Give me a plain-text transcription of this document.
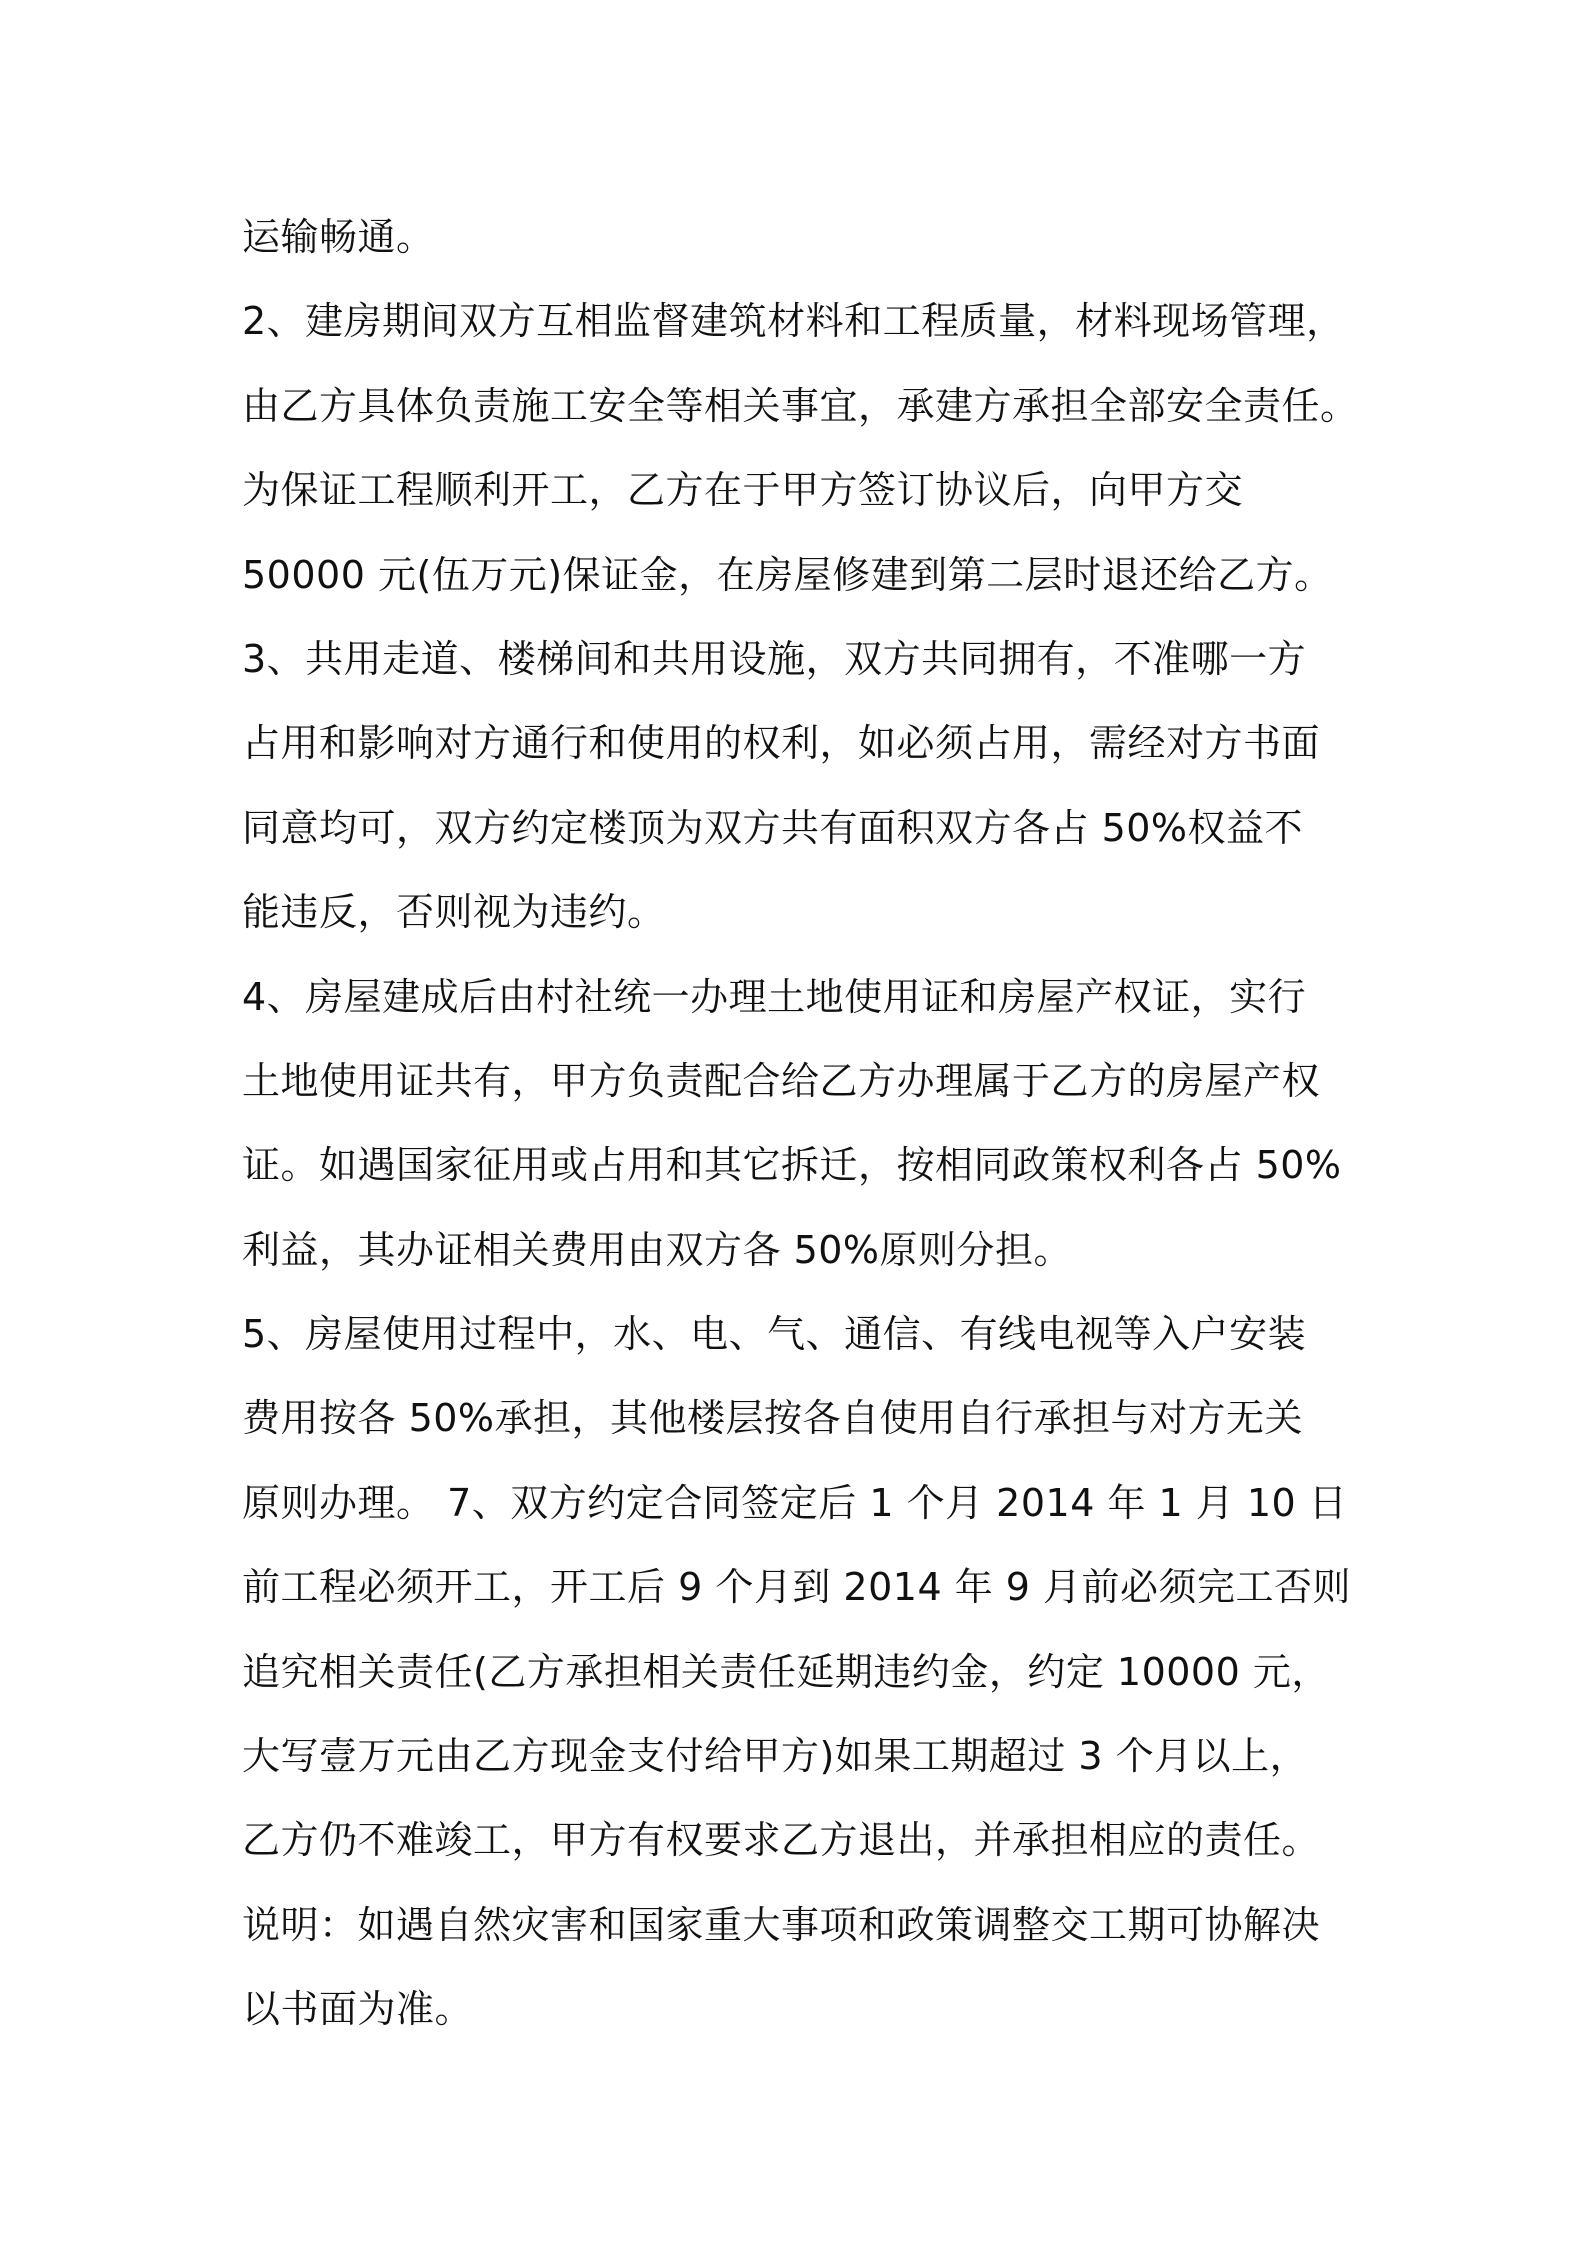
运输畅通。
2、建房期间双方互相监督建筑材料和工程质量，材料现场管理，
由乙方具体负责施工安全等相关事宜，承建方承担全部安全责任。
为保证工程顺利开工，乙方在于甲方签订协议后，向甲方交
50000 元(伍万元)保证金，在房屋修建到第二层时退还给乙方。
3、共用走道、楼梯间和共用设施，双方共同拥有，不准哪一方
占用和影响对方通行和使用的权利，如必须占用，需经对方书面
同意均可，双方约定楼顶为双方共有面积双方各占 50%权益不
能违反，否则视为违约。
4、房屋建成后由村社统一办理土地使用证和房屋产权证，实行
土地使用证共有，甲方负责配合给乙方办理属于乙方的房屋产权
证。如遇国家征用或占用和其它拆迁，按相同政策权利各占 50%
利益，其办证相关费用由双方各 50%原则分担。
5、房屋使用过程中，水、电、气、通信、有线电视等入户安装
费用按各 50%承担，其他楼层按各自使用自行承担与对方无关
原则办理。 7、双方约定合同签定后 1 个月 2014 年 1 月 10 日
前工程必须开工，开工后 9 个月到 2014 年 9 月前必须完工否则
追究相关责任(乙方承担相关责任延期违约金，约定 10000 元，
大写壹万元由乙方现金支付给甲方)如果工期超过 3 个月以上，
乙方仍不难竣工，甲方有权要求乙方退出，并承担相应的责任。
说明：如遇自然灾害和国家重大事项和政策调整交工期可协解决
以书面为准。
